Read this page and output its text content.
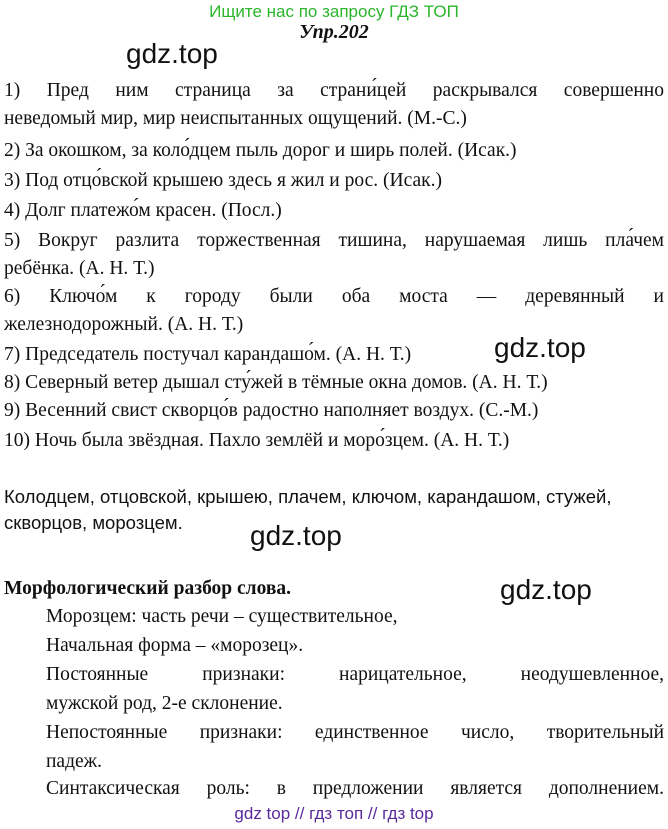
Ищите нас по запросу ГДЗ ТОП
Упр.202
gdz.top
1) Пред ним страница за страни́цей раскрывался совершенно
неведомый мир, мир неиспытанных ощущений. (М.-С.)
2) За окошком, за коло́дцем пыль дорог и ширь полей. (Исак.)
3) Под отцо́вской крышею здесь я жил и рос. (Исак.)
4) Долг платежо́м красен. (Посл.)
5) Вокруг разлита торжественная тишина, нарушаемая лишь пла́чем
ребёнка. (А. Н. Т.)
6) Ключо́м к городу были оба моста — деревянный и
железнодорожный. (А. Н. Т.)
gdz.top
7) Председатель постучал карандашо́м. (А. Н. Т.)
8) Северный ветер дышал сту́жей в тёмные окна домов. (А. Н. Т.)
9) Весенний свист скворцо́в радостно наполняет воздух. (С.-М.)
10) Ночь была звёздная. Пахло землёй и моро́зцем. (А. Н. Т.)
Колодцем, отцовской, крышею, плачем, ключом, карандашом, стужей,
скворцов, морозцем. gdz.top
Морфологический разбор слова.	gdz.top
Морозцем: часть речи – существительное,
Начальная форма – «морозец».
Постоянные признаки: нарицательное, неодушевленное,
мужской род, 2-е склонение.
Непостоянные признаки: единственное число, творительный
падеж.
Синтаксическая роль: в предложении является дополнением.
gdz top // гдз топ // гдз top
